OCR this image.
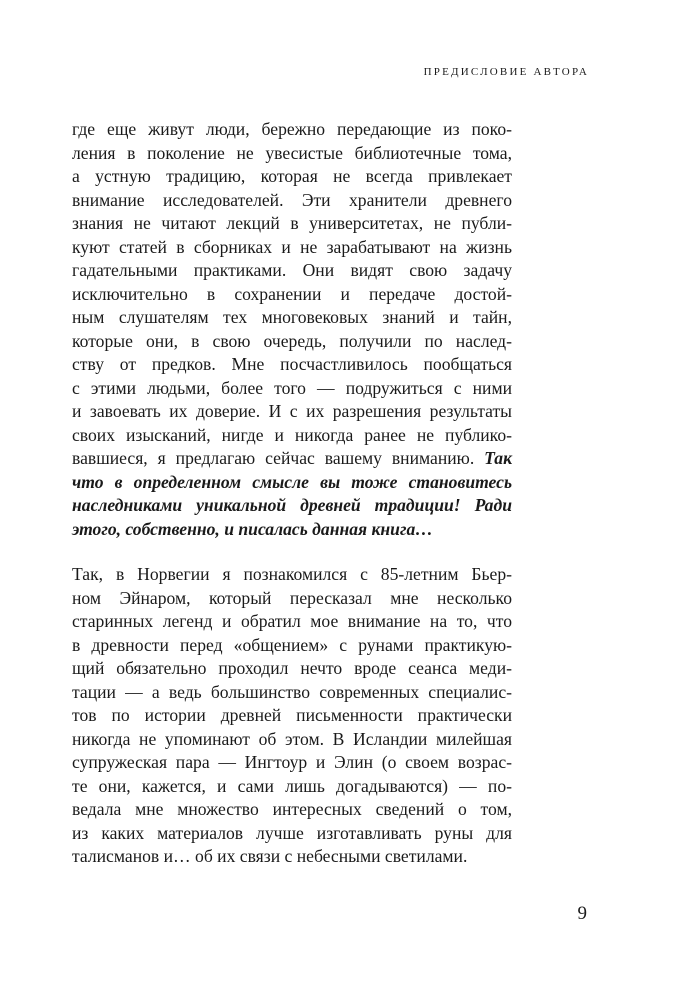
ПРЕДИСЛОВИЕ АВТОРА
где еще живут люди, бережно передающие из поко-
ления в поколение не увесистые библиотечные тома,
а устную традицию, которая не всегда привлекает
внимание исследователей. Эти хранители древнего
знания не читают лекций в университетах, не публи-
куют статей в сборниках и не зарабатывают на жизнь
гадательными практиками. Они видят свою задачу
исключительно в сохранении и передаче достой-
ным слушателям тех многовековых знаний и тайн,
которые они, в свою очередь, получили по наслед-
ству от предков. Мне посчастливилось пообщаться
с этими людьми, более того — подружиться с ними
и завоевать их доверие. И с их разрешения результаты
своих изысканий, нигде и никогда ранее не публико-
вавшиеся, я предлагаю сейчас вашему вниманию. Так
что в определенном смысле вы тоже становитесь
наследниками уникальной древней традиции! Ради
этого, собственно, и писалась данная книга…
Так, в Норвегии я познакомился с 85-летним Бьер-
ном Эйнаром, который пересказал мне несколько
старинных легенд и обратил мое внимание на то, что
в древности перед «общением» с рунами практикую-
щий обязательно проходил нечто вроде сеанса меди-
тации — а ведь большинство современных специалис-
тов по истории древней письменности практически
никогда не упоминают об этом. В Исландии милейшая
супружеская пара — Ингтоур и Элин (о своем возрас-
те они, кажется, и сами лишь догадываются) — по-
ведала мне множество интересных сведений о том,
из каких материалов лучше изготавливать руны для
талисманов и… об их связи с небесными светилами.
9
